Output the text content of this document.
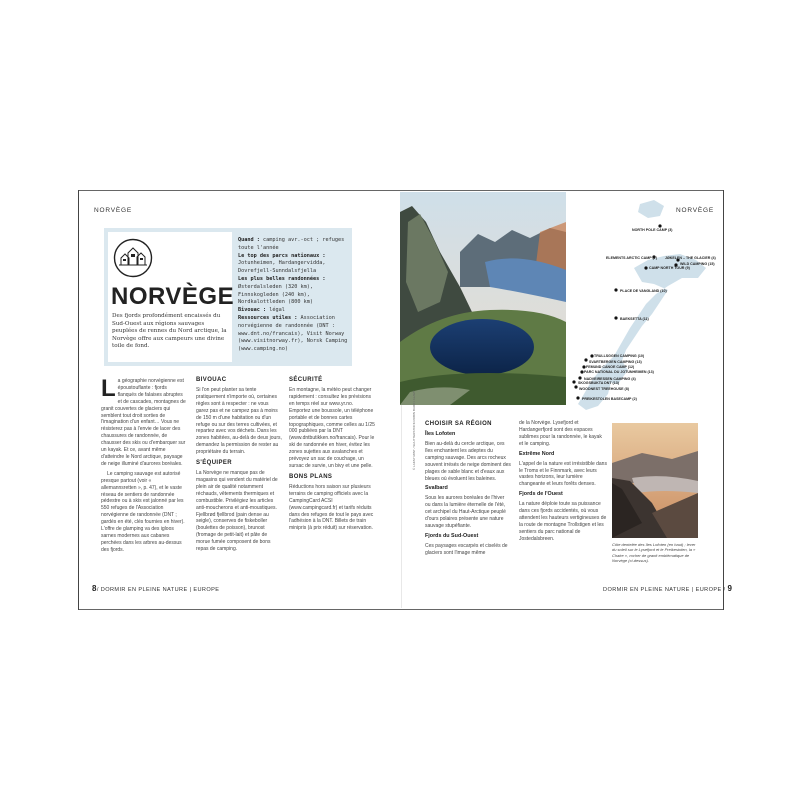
NORVÈGE	NORVÈGE
NORVÈGE
Des fjords profondément encaissés du Sud-Ouest aux régions sauvages peuplées de rennes du Nord arctique, la Norvège offre aux campeurs une divine toile de fond.
Quand : camping avr.-oct ; refuges toute l'année
Le top des parcs nationaux : Jotunheimen, Hardangervidda, Dovrefjell-Sunndalsfjella
Les plus belles randonnées : Østerdalsleden (320 km), Finnskogleden (240 km), Nordkalottleden (800 km)
Bivouac : légal
Ressources utiles : Association norvégienne de randonnée (DNT : www.dnt.no/francais), Visit Norway (www.visitnorway.fr), Norsk Camping (www.camping.no)

La géographie norvégienne est époustouflante : fjords flanqués de falaises abruptes et de cascades, montagnes de granit couvertes de glaciers qui semblent tout droit sorties de l'imagination d'un enfant… Vous ne résisterez pas à l'envie de lacer des chaussures de randonnée, de chausser des skis ou d'embarquer sur un kayak. Et ce, avant même d'atteindre le Nord arctique, paysage de neige illuminé d'aurores boréales.

Le camping sauvage est autorisé presque partout (voir « allemannsretten », p. 47), et le vaste réseau de sentiers de randonnée pédestre ou à skis est jalonné par les 550 refuges de l'Association norvégienne de randonnée (DNT ; gardés en été, clés fournies en hiver). L'offre de glamping va des igloos sarnes modernes aux cabanes perchées dans les arbres au-dessus des fjords.

BIVOUAC

Si l'on peut planter sa tente pratiquement n'importe où, certaines règles sont à respecter : ne vous garez pas et ne campez pas à moins de 150 m d'une habitation ou d'un refuge ou sur des terres cultivées, et repartez avec vos déchets. Dans les zones habitées, au-delà de deux jours, demandez la permission de rester au propriétaire du terrain.

S'ÉQUIPER

La Norvège ne manque pas de magasins qui vendent du matériel de plein air de qualité notamment réchauds, vêtements thermiques et combustible. Privilégiez les articles anti-moucherons et anti-moustiques. Fjellbrød fjellbrod (pain dense au seigle), conserves de fiskeboller (boulettes de poisson), brunost (fromage de petit-lait) et pâte de morue fumée composent de bons repas de camping.

SÉCURITÉ

En montagne, la météo peut changer rapidement : consultez les prévisions en temps réel sur www.yr.no. Emportez une boussole, un téléphone portable et de bonnes cartes topographiques, comme celles au 1/25 000 publiées par la DNT (www.dntbutikken.no/francais). Pour le ski de randonnée en hiver, évitez les zones sujettes aux avalanches et prévoyez un sac de couchage, un sursac de survie, un bivy et une pelle.

BONS PLANS

Réductions hors saison sur plusieurs terrains de camping officiels avec la CampingCard ACSI (www.campingcard.fr) et tarifs réduits dans des refuges de tout le pays avec l'adhésion à la DNT. Billets de train minipris (à prix réduit) sur réservation.

© LAKSY MINT / SHUTTERSTOCK ROBIN BURD / ALAMY
NORTH POLE CAMP (3)
ELEMENTS ARCTIC CAMP (7) JØKELEN – THE GLACIER (4)
WILD CAMPING (15)
CAMP NORTH TOUR (9)
PLACE DE VANGLAND (10)
BAEKSETTA (11)
TRULLSGGEN CAMPING (10)
SVARTBERGEN CAMPING (13)
FEMUND CANOE CAMP (12)
PARC NATIONAL DU JOTUNHEIMEN (13)
NADVEIRESSEN CAMPING (4)
SKOGSBUKTA DNT (13)
WOODNEST TREEHOUSE (8)
PREIKESTOLEN BASECAMP (2)

CHOISIR SA RÉGION

Îles Lofoten

Bien au-delà du cercle arctique, ces îles enchantent les adeptes du camping sauvage. Des arcs rocheux souvent irrésés de neige dominent des plages de sable blanc et d'eaux aux bleues où évoluent les baleines.

Svalbard

Sous les aurores boréales de l'hiver ou dans la lumière éternelle de l'été, cet archipel du Haut-Arctique peuplé d'ours polaires présente une nature sauvage stupéfiante.

Fjords du Sud-Ouest

Ces paysages escarpés et ciselés de glaciers sont l'image même

de la Norvège. Lysefjord et Hardangerfjord sont des espaces sublimes pour la randonnée, le kayak et le camping.

Extrême Nord

L'appel de la nature est irrésistible dans le Troms et le Finnmark, avec leurs vastes horizons, leur lumière changeante et leurs forêts denses.

Fjords de l'Ouest

La nature déploie toute sa puissance dans ces fjords accidentés, où vous attendent les hauteurs vertigineuses de la route de montagne Trollstigen et les sentiers du parc national de Jostedalsbreen.

Côte dentelée des îles Lofoten (en haut) ; lever du soleil sur le Lysefjord et le Preikestolen, la « Chaire », rocher de granit emblématique de Norvège (ci-dessus).
8/ DORMIR EN PLEINE NATURE | EUROPE	DORMIR EN PLEINE NATURE | EUROPE / 9
